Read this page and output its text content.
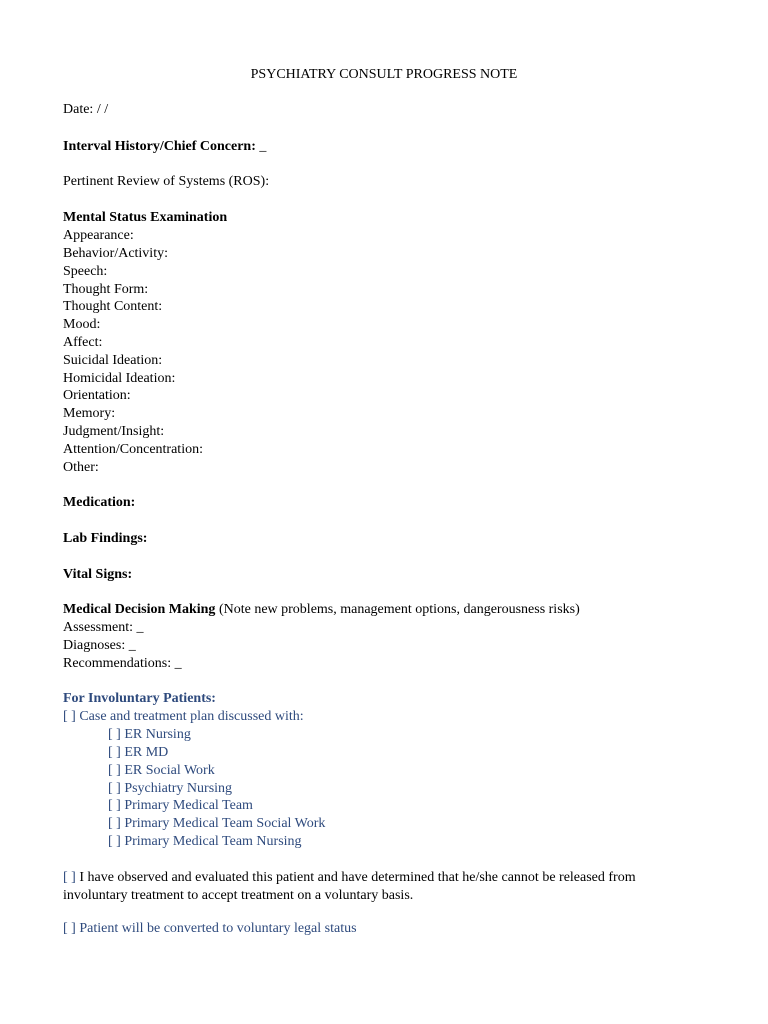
PSYCHIATRY CONSULT PROGRESS NOTE
Date: / /
Interval History/Chief Concern: _
Pertinent Review of Systems (ROS):
Mental Status Examination
Appearance:
Behavior/Activity:
Speech:
Thought Form:
Thought Content:
Mood:
Affect:
Suicidal Ideation:
Homicidal Ideation:
Orientation:
Memory:
Judgment/Insight:
Attention/Concentration:
Other:
Medication:
Lab Findings:
Vital Signs:
Medical Decision Making (Note new problems, management options, dangerousness risks)
Assessment: _
Diagnoses: _
Recommendations: _
For Involuntary Patients:
[ ] Case and treatment plan discussed with:
[ ] ER Nursing
[ ] ER MD
[ ] ER Social Work
[ ] Psychiatry Nursing
[ ] Primary Medical Team
[ ] Primary Medical Team Social Work
[ ] Primary Medical Team Nursing
[ ] I have observed and evaluated this patient and have determined that he/she cannot be released from involuntary treatment to accept treatment on a voluntary basis.
[ ] Patient will be converted to voluntary legal status
